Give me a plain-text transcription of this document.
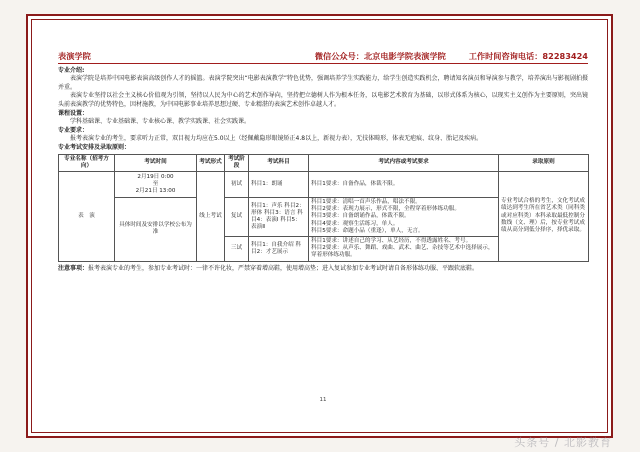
表演学院	微信公众号：北京电影学院表演学院	工作时间咨询电话：82283424
专业介绍:
表演学院是培养中国电影表演高级创作人才的摇篮。表演学院突出“电影表演教学”特色优势，强调培养学生实践能力，给学生创造实践机会，聘请知名演员和导演参与教学，培养演出与影视剧拍摄并重。
表演专业坚持以社会主义核心价值观为引领，坚持以人民为中心的艺术创作导向，坚持把立德树人作为根本任务，以电影艺术教育为基础，以形式体系为核心，以现实主义创作为主要原则，突出镜头前表演教学的优势特色，因材施教，为中国电影事业培养思想过硬、专业精湛的表演艺术创作卓越人才。
课程设置：
学科基础课、专业基础课、专业核心课、教学实践课、社会实践课。
专业要求：
报考表演专业的考生，要求听力正常，双目视力均应在5.0以上（经佩戴隐形眼镜矫正4.8以上，新视力表），无技体畸形，体表无疤痕、纹身、胎记及疾病。
专业考试安排及录取原则：
专业名称（招考方向）	考试时间	考试形式	考试阶段	考试科目	考试内容或考试要求	录取原则
表　演	2月19日 0:00
至
2月21日 13:00	线上考试	初试	科目1：朗诵	科目1要求：自备作品，体裁不限。	专业考试合格的考生，文化考试成绩达到考生所在省艺术类（同科类或对应科类）本科录取最低控制分数线（文、理）后，按专业考试成绩从高分到低分择序，择优录取。
	具体时间及安排以学校公布为准		复试	科目1：声乐 科目2：形体 科目3：语言 科目4：表演Ⅰ 科目5：表演Ⅱ	科目1要求：清唱一首声乐作品，唱法不限。
科目2要求：表现力展示，形式不限，全程穿着形体练功服。
科目3要求：自备朗诵作品，体裁不限。
科目4要求：观察生活练习，单人。
科目5要求：命题小品（重逢），单人，无言。	

			三试	科目1：自我介绍 科目2：才艺展示	科目1要求：讲述自己的学习、从艺经历，不得透露姓名、考号。
科目2要求：从声乐、舞蹈、戏曲、武术、曲艺、杂技等艺术中选择展示，穿着形体练功服。	
注意事项：报考表演专业的考生，参加专业考试时：一律不许化妆，严禁穿着增高鞋，使用增高垫；进入复试参加专业考试时请自备形体练功服、平跟软底鞋。
11
头条号 / 北影教育
